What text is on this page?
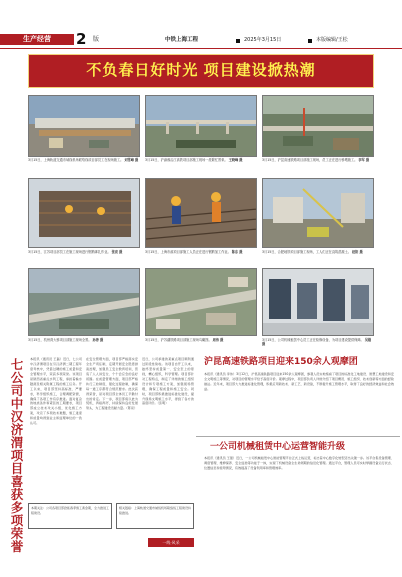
生产经营	2 版	中铁上海工程	2025年3月15日	本版编辑/王松
不负春日好时光 项目建设掀热潮
3月15日，上海轨道交通市域线机场联络线项目部员工在现场施工。 刘雪峰 摄	3月15日，沪渝蓉沿江高铁项目部施工现场一派繁忙景象。 王晓峰 摄	3月15日，沪昆高速铁路项目部施工现场，员工正在进行桥墩施工。 李军 摄
3月15日，江苏项目部员工在施工现场进行钢筋绑扎作业。 张亮 摄	3月15日，上海市政项目部施工人员正在进行钢筋加工作业。 陈东 摄	3月15日，合肥地铁项目部施工现场，工人们正在浇筑混凝土。 赵阳 摄
3月15日，杭州湾大桥项目部施工现场全景。 孙涛 摄	3月15日，沪苏湖铁路项目部施工现场鸟瞰图。 周伟 摄	3月15日，公司机械租赁中心员工正在检修设备，为项目建设提供保障。 吴刚 摄
七公司中汉济渭项目喜获多项荣誉
本报讯（通讯员 王磊）近日，七公司中汉济渭项目在引汉济渭二期工程年度考核中，凭借过硬的施工质量和安全管理水平，荣获多项荣誉。该项目是陕西省重点水利工程，承担着输水隧洞及相关附属工程的施工任务。开工以来，项目部坚持高标准、严要求，科学组织施工，合理调配资源，确保了各项工作有序推进。面对复杂的地质条件和紧张的工期要求，项目部成立技术攻关小组，优化施工方案，攻克了多项技术难题，施工进度和质量均得到业主和监理单位的一致认可。
在安全管理方面，项目部严格落实安全生产责任制，定期开展安全隐患排查治理，加强员工安全教育培训，营造了人人讲安全、个个会应急的良好氛围。在质量管理方面，项目部严格执行三检制度，强化过程控制，确保每一道工序都符合规范要求。此次获得荣誉，是对项目部全体员工辛勤付出的肯定。下一步，项目部将以此为契机，再接再厉，持续保持良好发展势头，为工程建设贡献力量。（陈亮）
近日，公司承建的某重点项目顺利通过阶段性验收。该项目自开工以来，始终坚持质量第一、安全至上的原则，精心组织，科学管理。项目部针对工程特点，制定了详细的施工组织设计和专项施工方案，加强现场管理，确保工程质量和施工安全。同时，项目部积极推进标准化建设，提升现场文明施工水平，得到了各方的高度评价。（张明）
沪昆高速铁路项目迎来150余人观摩团
本报讯（通讯员 李伟）3月12日，沪昆高速铁路项目迎来150余人观摩团，参观人员实地察看了项目的标准化工地建设、智慧工地建设和安全文明施工等情况，对项目的管理水平给予高度评价。观摩过程中，项目部负责人详细介绍了项目概况、施工组织、技术创新等方面的经验做法。近年来，项目部大力推进标准化管理，积极应用新技术、新工艺、新设备，不断提升施工管理水平，取得了良好的经济效益和社会效益。
一公司机械租赁中心运营智能升级
本报讯（通讯员 王强）近日，一公司机械租赁中心智能管理平台正式上线运营，标志着中心数字化转型迈出关键一步。该平台集设备管理、调度管理、维修保养、安全监控等功能于一体，实现了机械设备全生命周期的信息化管理。通过平台，管理人员可实时掌握设备运行状态、位置信息和使用情况，有效提高了设备利用率和管理效率。
本期关注：公司各项目部抢抓春季施工黄金期，全力推进工程建设。
相关链接：上海轨道交通市域线机场联络线工程建设持续推进。
一线·风采
